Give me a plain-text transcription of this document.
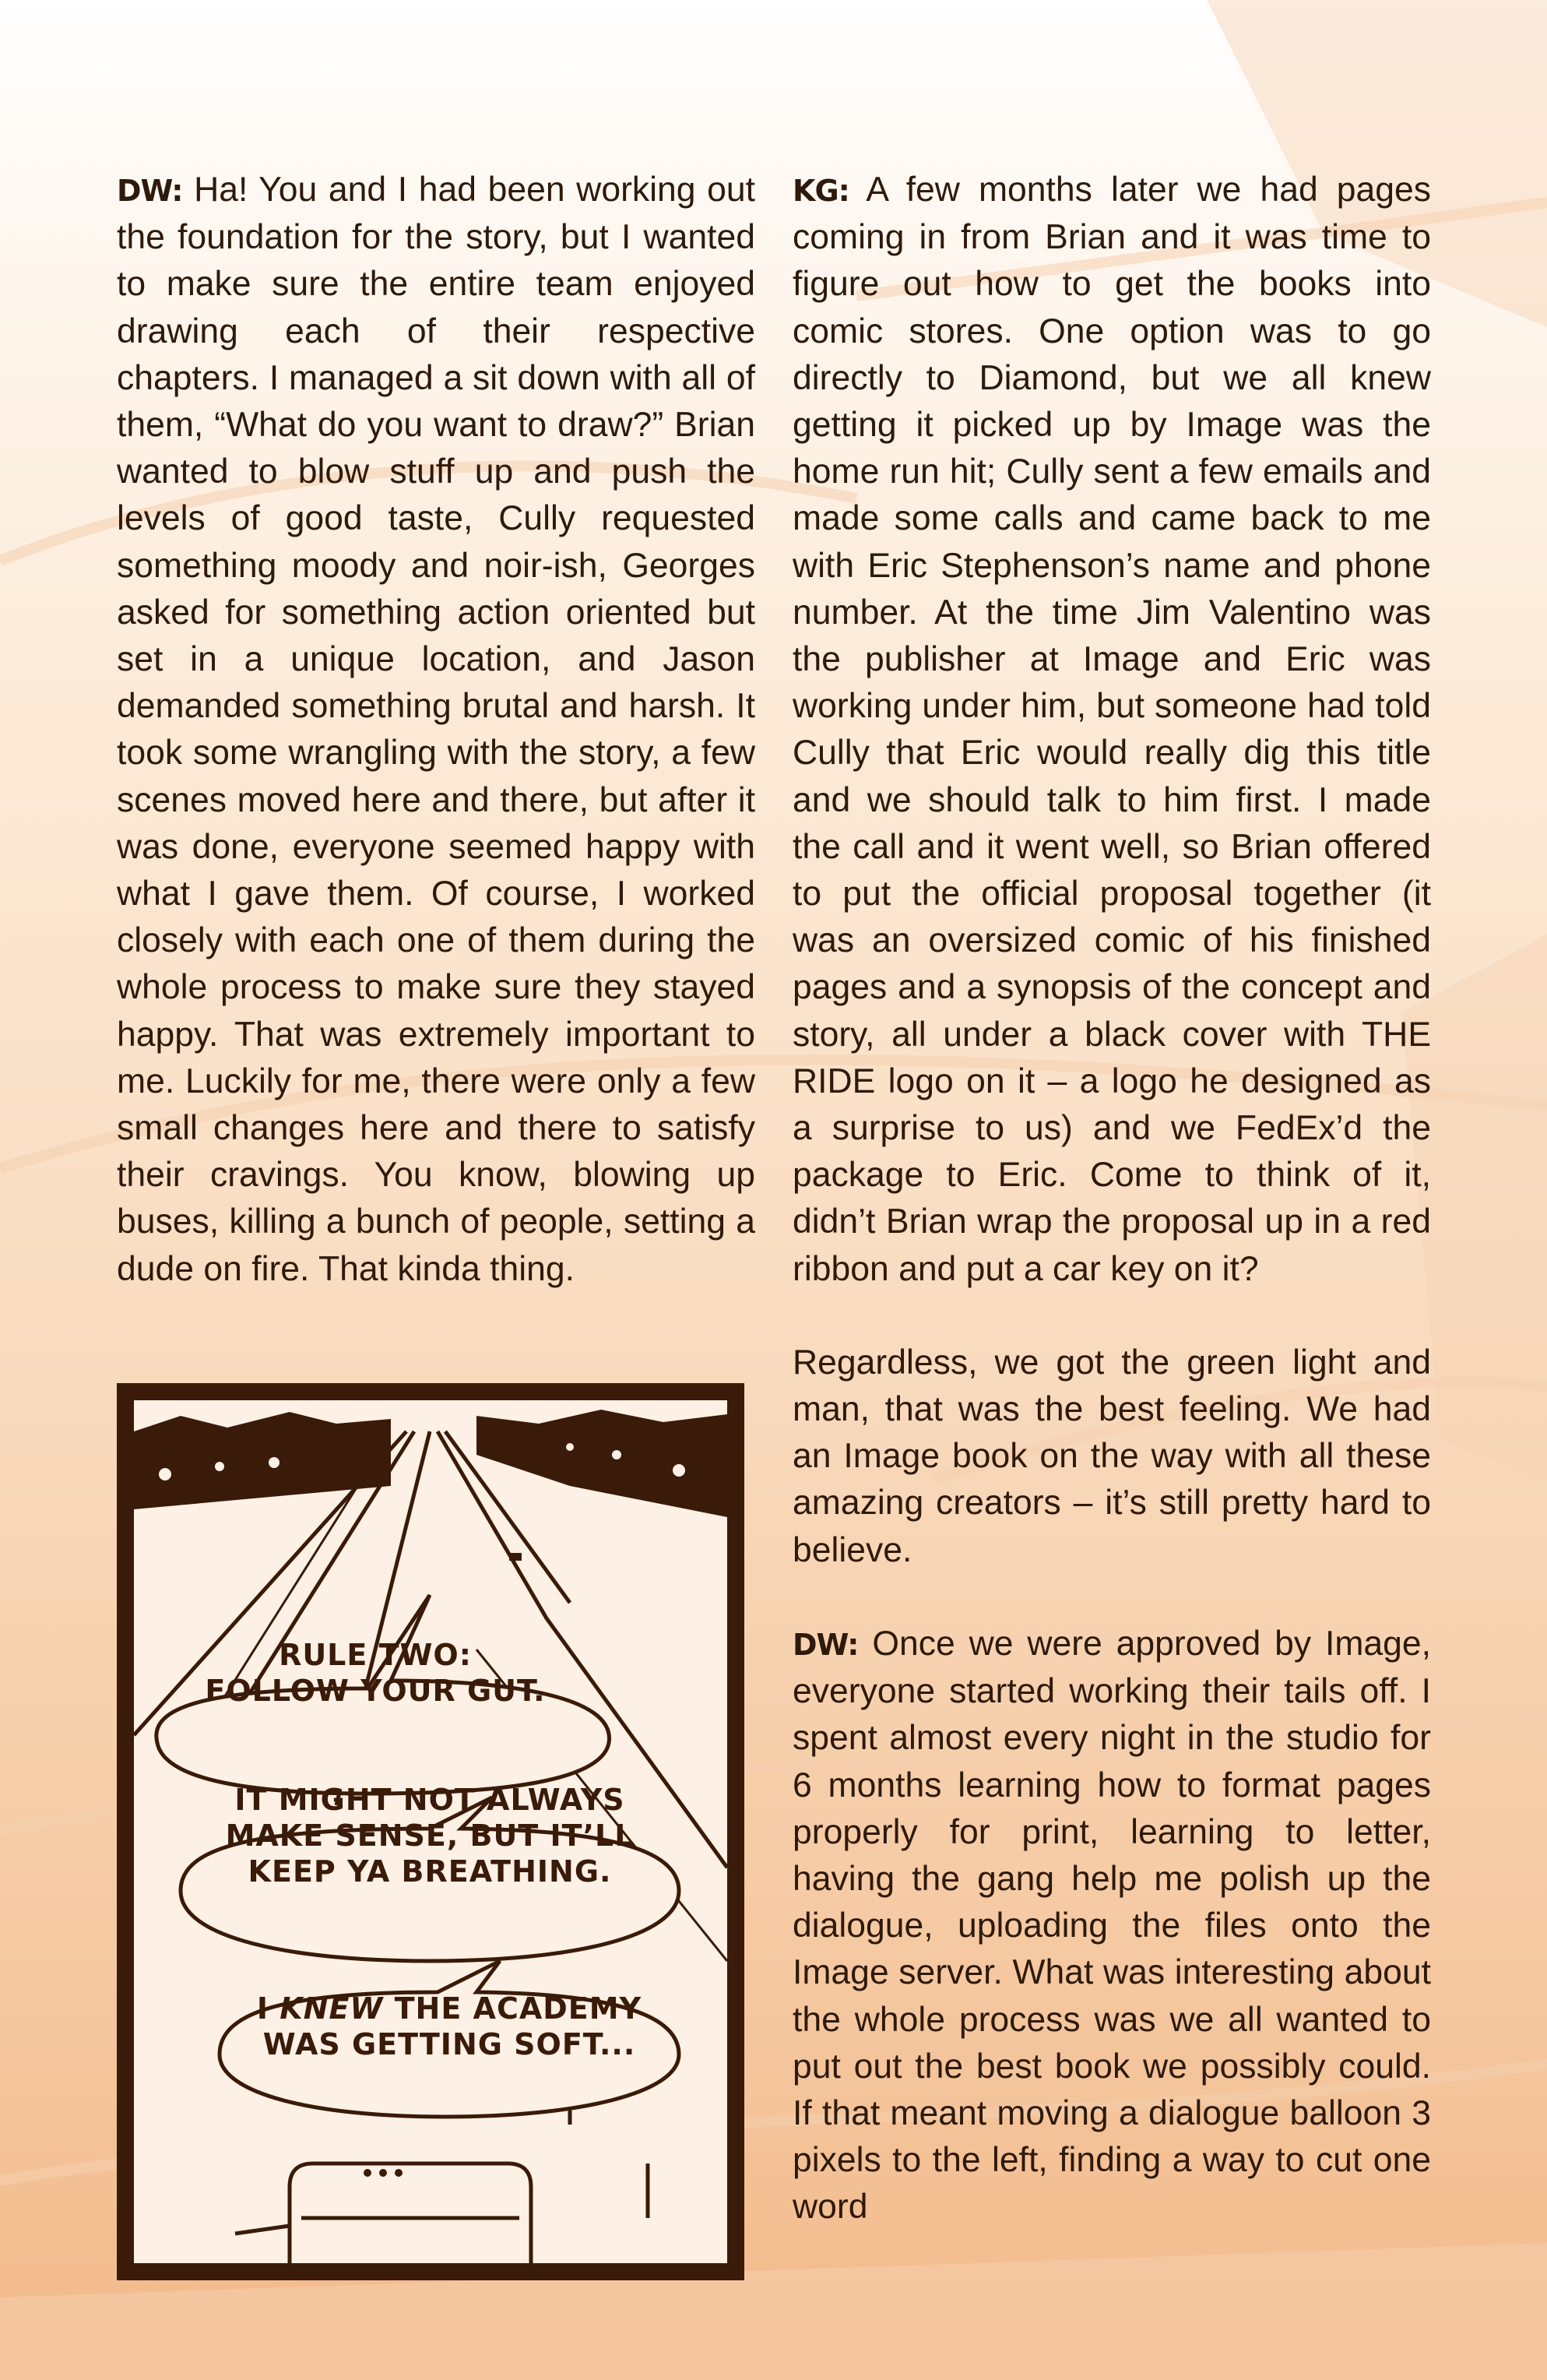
DW: Ha! You and I had been working out the foundation for the story, but I wanted to make sure the entire team enjoyed drawing each of their respective chapters. I managed a sit down with all of them, “What do you want to draw?” Brian wanted to blow stuff up and push the levels of good taste, Cully requested something moody and noir-ish, Georges asked for something action oriented but set in a unique location, and Jason demanded something brutal and harsh. It took some wrangling with the story, a few scenes moved here and there, but after it was done, everyone seemed happy with what I gave them. Of course, I worked closely with each one of them during the whole process to make sure they stayed happy. That was extremely important to me. Luckily for me, there were only a few small changes here and there to satisfy their cravings. You know, blowing up buses, killing a bunch of people, setting a dude on fire. That kinda thing.

KG: A few months later we had pages coming in from Brian and it was time to figure out how to get the books into comic stores. One option was to go directly to Diamond, but we all knew getting it picked up by Image was the home run hit; Cully sent a few emails and made some calls and came back to me with Eric Stephenson’s name and phone number. At the time Jim Valentino was the publisher at Image and Eric was working under him, but someone had told Cully that Eric would really dig this title and we should talk to him first. I made the call and it went well, so Brian offered to put the official proposal together (it was an oversized comic of his finished pages and a synopsis of the concept and story, all under a black cover with THE RIDE logo on it – a logo he designed as a surprise to us) and we FedEx’d the package to Eric. Come to think of it, didn’t Brian wrap the proposal up in a red ribbon and put a car key on it?

Regardless, we got the green light and man, that was the best feeling. We had an Image book on the way with all these amazing creators – it’s still pretty hard to believe.

DW: Once we were approved by Image, everyone started working their tails off. I spent almost every night in the studio for 6 months learning how to format pages properly for print, learning to letter, having the gang help me polish up the dialogue, uploading the files onto the Image server. What was interesting about the whole process was we all wanted to put out the best book we possibly could. If that meant moving a dialogue balloon 3 pixels to the left, finding a way to cut one word

RULE TWO:
FOLLOW YOUR GUT.
IT MIGHT NOT ALWAYS
MAKE SENSE, BUT IT’LL
KEEP YA BREATHING.
I KNEW THE ACADEMY
WAS GETTING SOFT...
